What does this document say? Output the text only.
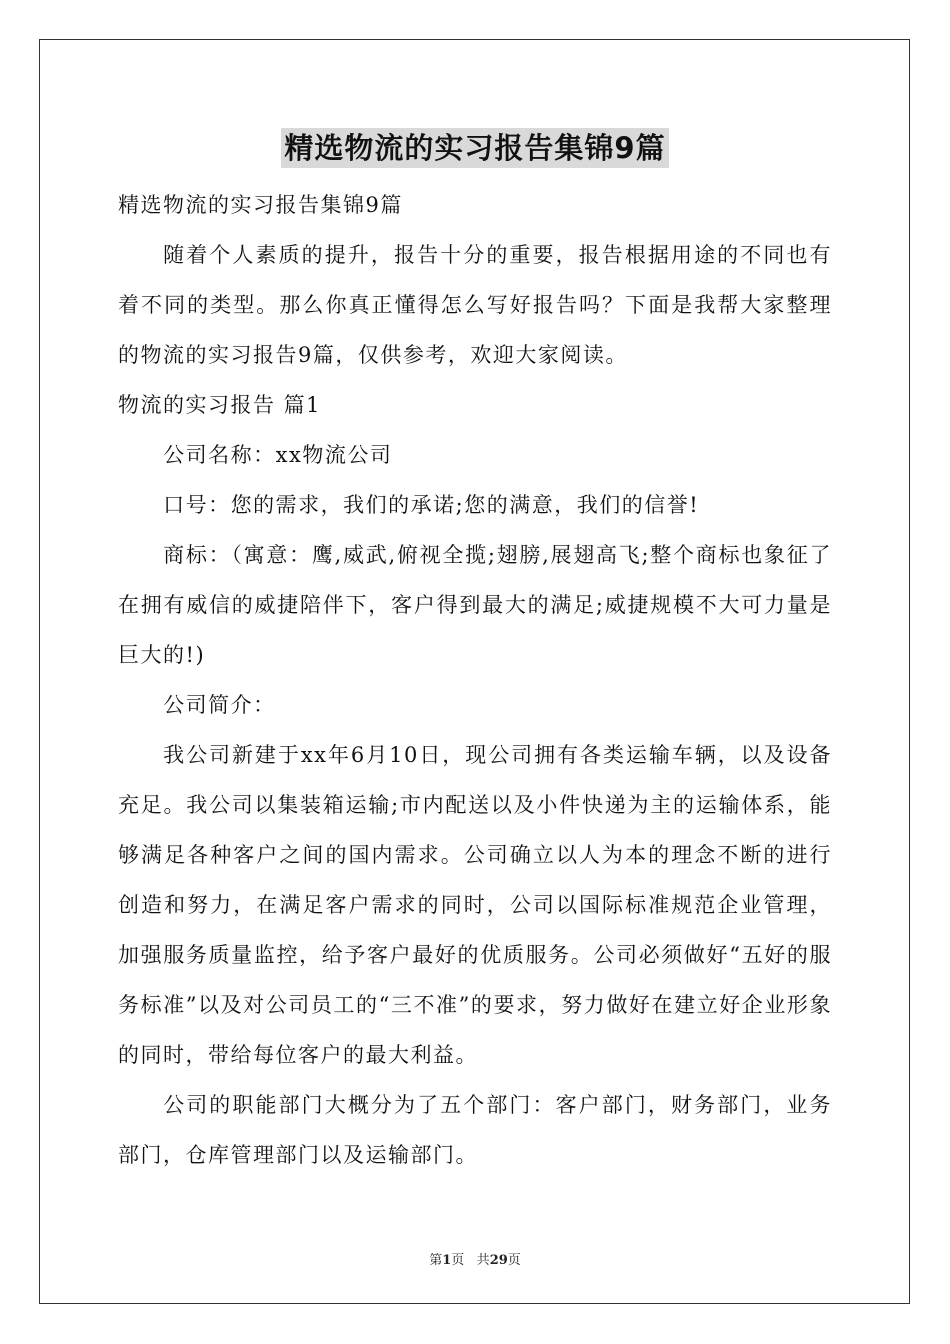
精选物流的实习报告集锦9篇

精选物流的实习报告集锦9篇

随着个人素质的提升，报告十分的重要，报告根据用途的不同也有着不同的类型。那么你真正懂得怎么写好报告吗？下面是我帮大家整理的物流的实习报告9篇，仅供参考，欢迎大家阅读。

物流的实习报告 篇1

公司名称：xx物流公司

口号：您的需求，我们的承诺;您的满意，我们的信誉!

商标：（寓意：鹰,威武,俯视全揽;翅膀,展翅高飞;整个商标也象征了在拥有威信的威捷陪伴下，客户得到最大的满足;威捷规模不大可力量是巨大的!)

公司简介：

我公司新建于xx年6月10日，现公司拥有各类运输车辆，以及设备充足。我公司以集装箱运输;市内配送以及小件快递为主的运输体系，能够满足各种客户之间的国内需求。公司确立以人为本的理念不断的进行创造和努力，在满足客户需求的同时，公司以国际标准规范企业管理，加强服务质量监控，给予客户最好的优质服务。公司必须做好“五好的服务标准”以及对公司员工的“三不准”的要求，努力做好在建立好企业形象的同时，带给每位客户的最大利益。

公司的职能部门大概分为了五个部门：客户部门，财务部门，业务部门，仓库管理部门以及运输部门。

第1页 共29页
